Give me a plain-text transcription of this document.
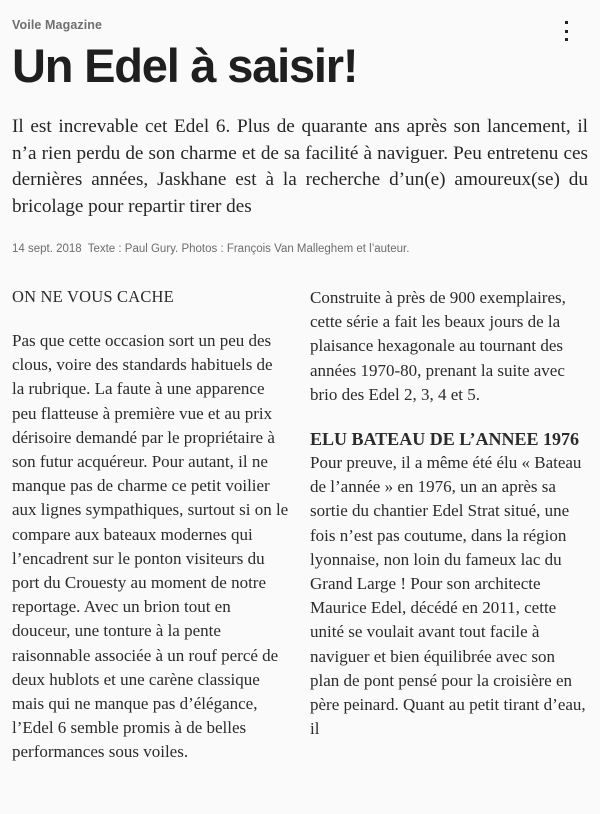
Voile Magazine
Un Edel à saisir!

Il est increvable cet Edel 6. Plus de quarante ans après son lancement, il n’a rien perdu de son charme et de sa facilité à naviguer. Peu entretenu ces dernières années, Jaskhane est à la recherche d’un(e) amoureux(se) du bricolage pour repartir tirer des

14 sept. 2018 Texte : Paul Gury. Photos : François Van Malleghem et l’auteur.
ON NE VOUS CACHE

Pas que cette occasion sort un peu des clous, voire des standards habituels de la rubrique. La faute à une apparence peu flatteuse à première vue et au prix dérisoire demandé par le propriétaire à son futur acquéreur. Pour autant, il ne manque pas de charme ce petit voilier aux lignes sympathiques, surtout si on le compare aux bateaux modernes qui l’encadrent sur le ponton visiteurs du port du Crouesty au moment de notre reportage. Avec un brion tout en douceur, une tonture à la pente raisonnable associée à un rouf percé de deux hublots et une carène classique mais qui ne manque pas d’élégance, l’Edel 6 semble promis à de belles performances sous voiles.

Construite à près de 900 exemplaires, cette série a fait les beaux jours de la plaisance hexagonale au tournant des années 1970-80, prenant la suite avec brio des Edel 2, 3, 4 et 5.

ELU BATEAU DE L’ANNEE 1976

Pour preuve, il a même été élu « Bateau de l’année » en 1976, un an après sa sortie du chantier Edel Strat situé, une fois n’est pas coutume, dans la région lyonnaise, non loin du fameux lac du Grand Large ! Pour son architecte Maurice Edel, décédé en 2011, cette unité se voulait avant tout facile à naviguer et bien équilibrée avec son plan de pont pensé pour la croisière en père peinard. Quant au petit tirant d’eau, il
